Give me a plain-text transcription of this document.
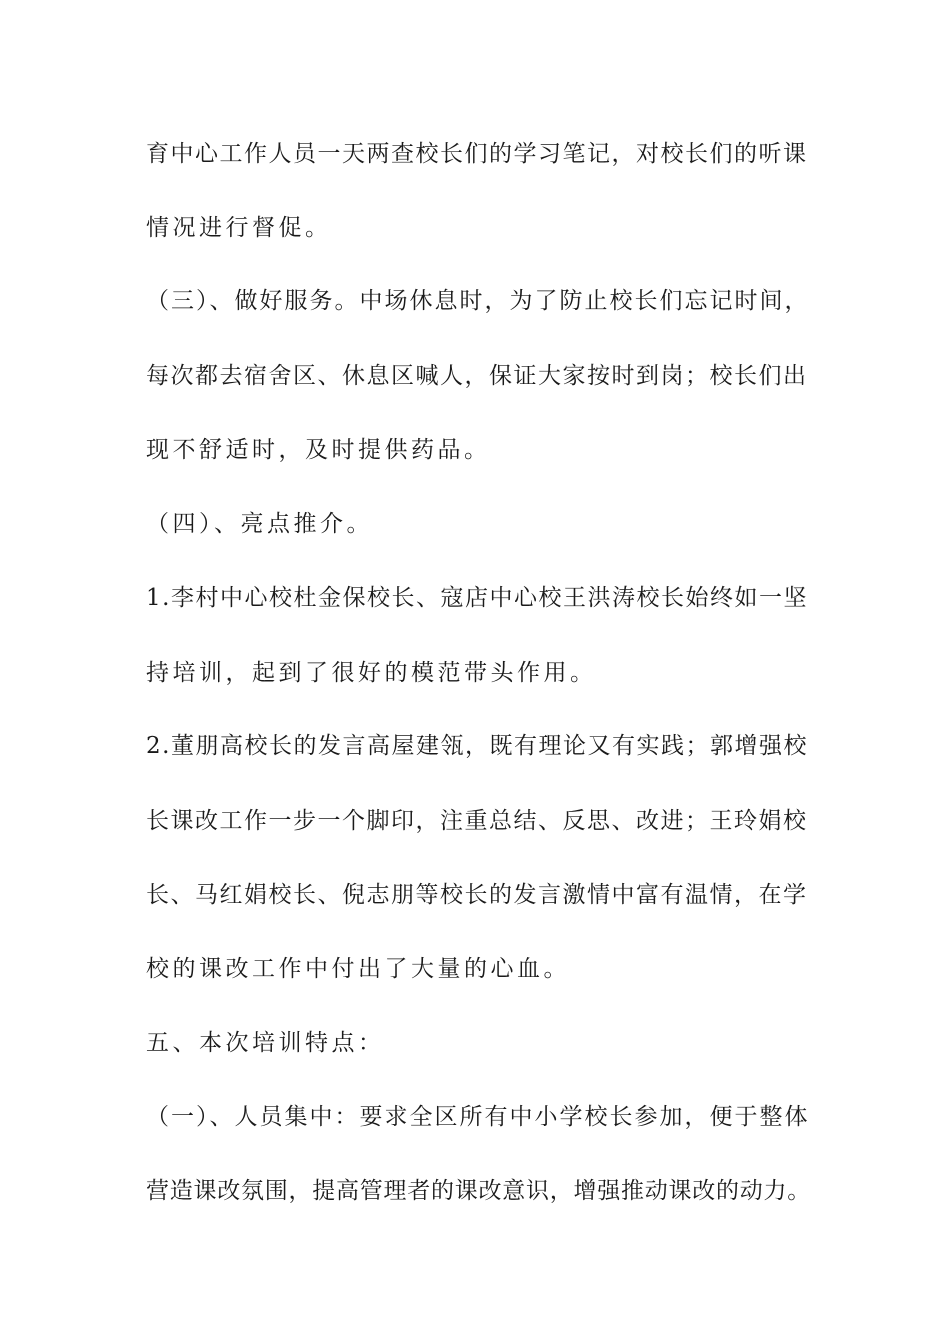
育中心工作人员一天两查校长们的学习笔记，对校长们的听课
情况进行督促。
（三）、做好服务。中场休息时，为了防止校长们忘记时间，
每次都去宿舍区、休息区喊人，保证大家按时到岗；校长们出
现不舒适时，及时提供药品。
（四）、亮点推介。
1.李村中心校杜金保校长、寇店中心校王洪涛校长始终如一坚
持培训，起到了很好的模范带头作用。
2.董朋高校长的发言高屋建瓴，既有理论又有实践；郭增强校
长课改工作一步一个脚印，注重总结、反思、改进；王玲娟校
长、马红娟校长、倪志朋等校长的发言激情中富有温情，在学
校的课改工作中付出了大量的心血。
五、本次培训特点：
（一）、人员集中：要求全区所有中小学校长参加，便于整体
营造课改氛围，提高管理者的课改意识，增强推动课改的动力。
